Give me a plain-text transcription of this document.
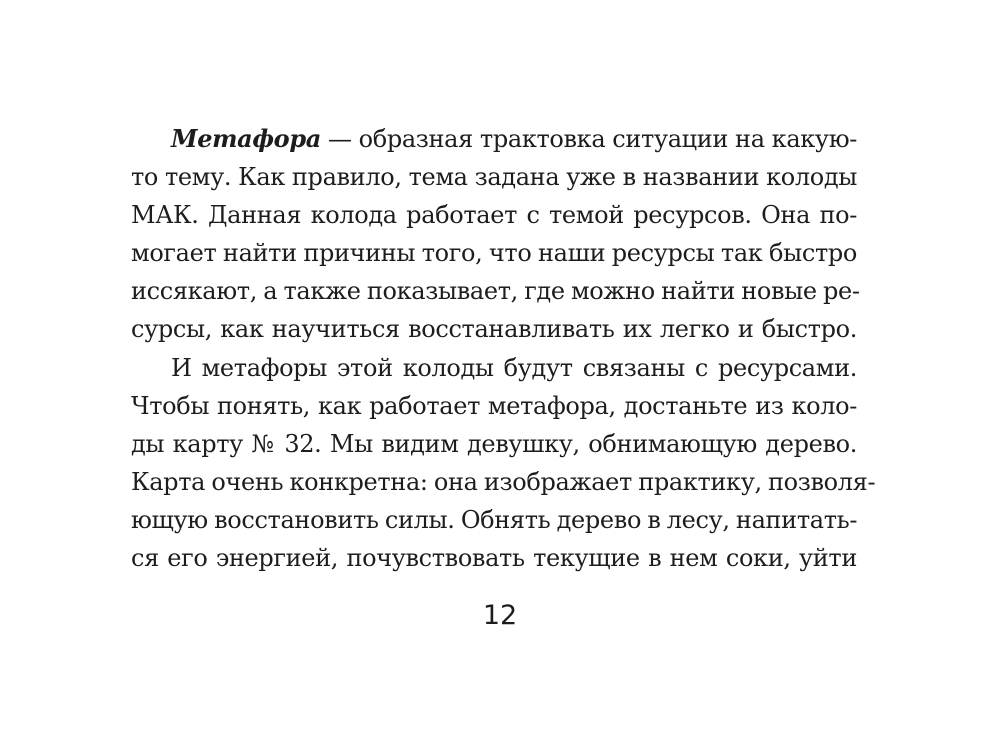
Метафора — образная трактовка ситуации на какую-
то тему. Как правило, тема задана уже в названии колоды
МАК. Данная колода работает с темой ресурсов. Она по-
могает найти причины того, что наши ресурсы так быстро
иссякают, а также показывает, где можно найти новые ре-
сурсы, как научиться восстанавливать их легко и быстро.
И метафоры этой колоды будут связаны с ресурсами.
Чтобы понять, как работает метафора, достаньте из коло-
ды карту № 32. Мы видим девушку, обнимающую дерево.
Карта очень конкретна: она изображает практику, позволя-
ющую восстановить силы. Обнять дерево в лесу, напитать-
ся его энергией, почувствовать текущие в нем соки, уйти
12
